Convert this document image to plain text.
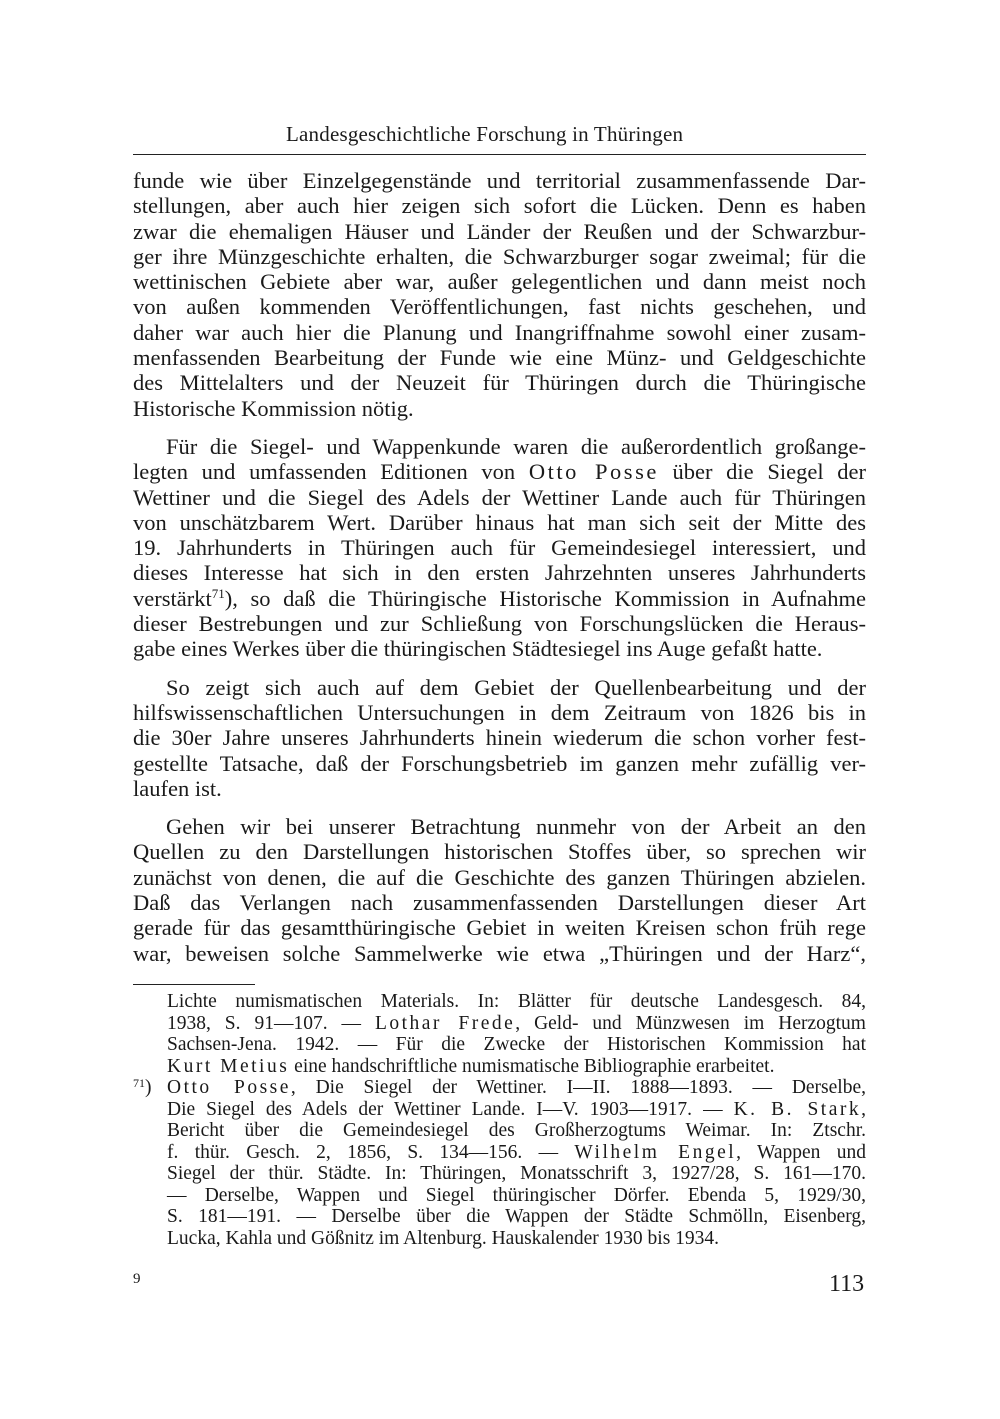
Landesgeschichtliche Forschung in Thüringen

funde wie über Einzelgegenstände und territorial zusammenfassende Dar-
stellungen, aber auch hier zeigen sich sofort die Lücken. Denn es haben
zwar die ehemaligen Häuser und Länder der Reußen und der Schwarzbur-
ger ihre Münzgeschichte erhalten, die Schwarzburger sogar zweimal; für die
wettinischen Gebiete aber war, außer gelegentlichen und dann meist noch
von außen kommenden Veröffentlichungen, fast nichts geschehen, und
daher war auch hier die Planung und Inangriffnahme sowohl einer zusam-
menfassenden Bearbeitung der Funde wie eine Münz- und Geldgeschichte
des Mittelalters und der Neuzeit für Thüringen durch die Thüringische
Historische Kommission nötig.

Für die Siegel- und Wappenkunde waren die außerordentlich großange-
legten und umfassenden Editionen von Otto Posse über die Siegel der
Wettiner und die Siegel des Adels der Wettiner Lande auch für Thüringen
von unschätzbarem Wert. Darüber hinaus hat man sich seit der Mitte des
19. Jahrhunderts in Thüringen auch für Gemeindesiegel interessiert, und
dieses Interesse hat sich in den ersten Jahrzehnten unseres Jahrhunderts
verstärkt$^{71}$), so daß die Thüringische Historische Kommission in Aufnahme
dieser Bestrebungen und zur Schließung von Forschungslücken die Heraus-
gabe eines Werkes über die thüringischen Städtesiegel ins Auge gefaßt hatte.

So zeigt sich auch auf dem Gebiet der Quellenbearbeitung und der
hilfswissenschaftlichen Untersuchungen in dem Zeitraum von 1826 bis in
die 30er Jahre unseres Jahrhunderts hinein wiederum die schon vorher fest-
gestellte Tatsache, daß der Forschungsbetrieb im ganzen mehr zufällig ver-
laufen ist.

Gehen wir bei unserer Betrachtung nunmehr von der Arbeit an den
Quellen zu den Darstellungen historischen Stoffes über, so sprechen wir
zunächst von denen, die auf die Geschichte des ganzen Thüringen abzielen.
Daß das Verlangen nach zusammenfassenden Darstellungen dieser Art
gerade für das gesamtthüringische Gebiet in weiten Kreisen schon früh rege
war, beweisen solche Sammelwerke wie etwa „Thüringen und der Harz“,

Lichte numismatischen Materials. In: Blätter für deutsche Landesgesch. 84,
1938, S. 91—107. — Lothar Frede, Geld- und Münzwesen im Herzogtum
Sachsen-Jena. 1942. — Für die Zwecke der Historischen Kommission hat
Kurt Metius eine handschriftliche numismatische Bibliographie erarbeitet.
$^{71}$) Otto Posse, Die Siegel der Wettiner. I—II. 1888—1893. — Derselbe,
Die Siegel des Adels der Wettiner Lande. I—V. 1903—1917. — K. B. Stark,
Bericht über die Gemeindesiegel des Großherzogtums Weimar. In: Ztschr.
f. thür. Gesch. 2, 1856, S. 134—156. — Wilhelm Engel, Wappen und
Siegel der thür. Städte. In: Thüringen, Monatsschrift 3, 1927/28, S. 161—170.
— Derselbe, Wappen und Siegel thüringischer Dörfer. Ebenda 5, 1929/30,
S. 181—191. — Derselbe über die Wappen der Städte Schmölln, Eisenberg,
Lucka, Kahla und Gößnitz im Altenburg. Hauskalender 1930 bis 1934.
9	113
